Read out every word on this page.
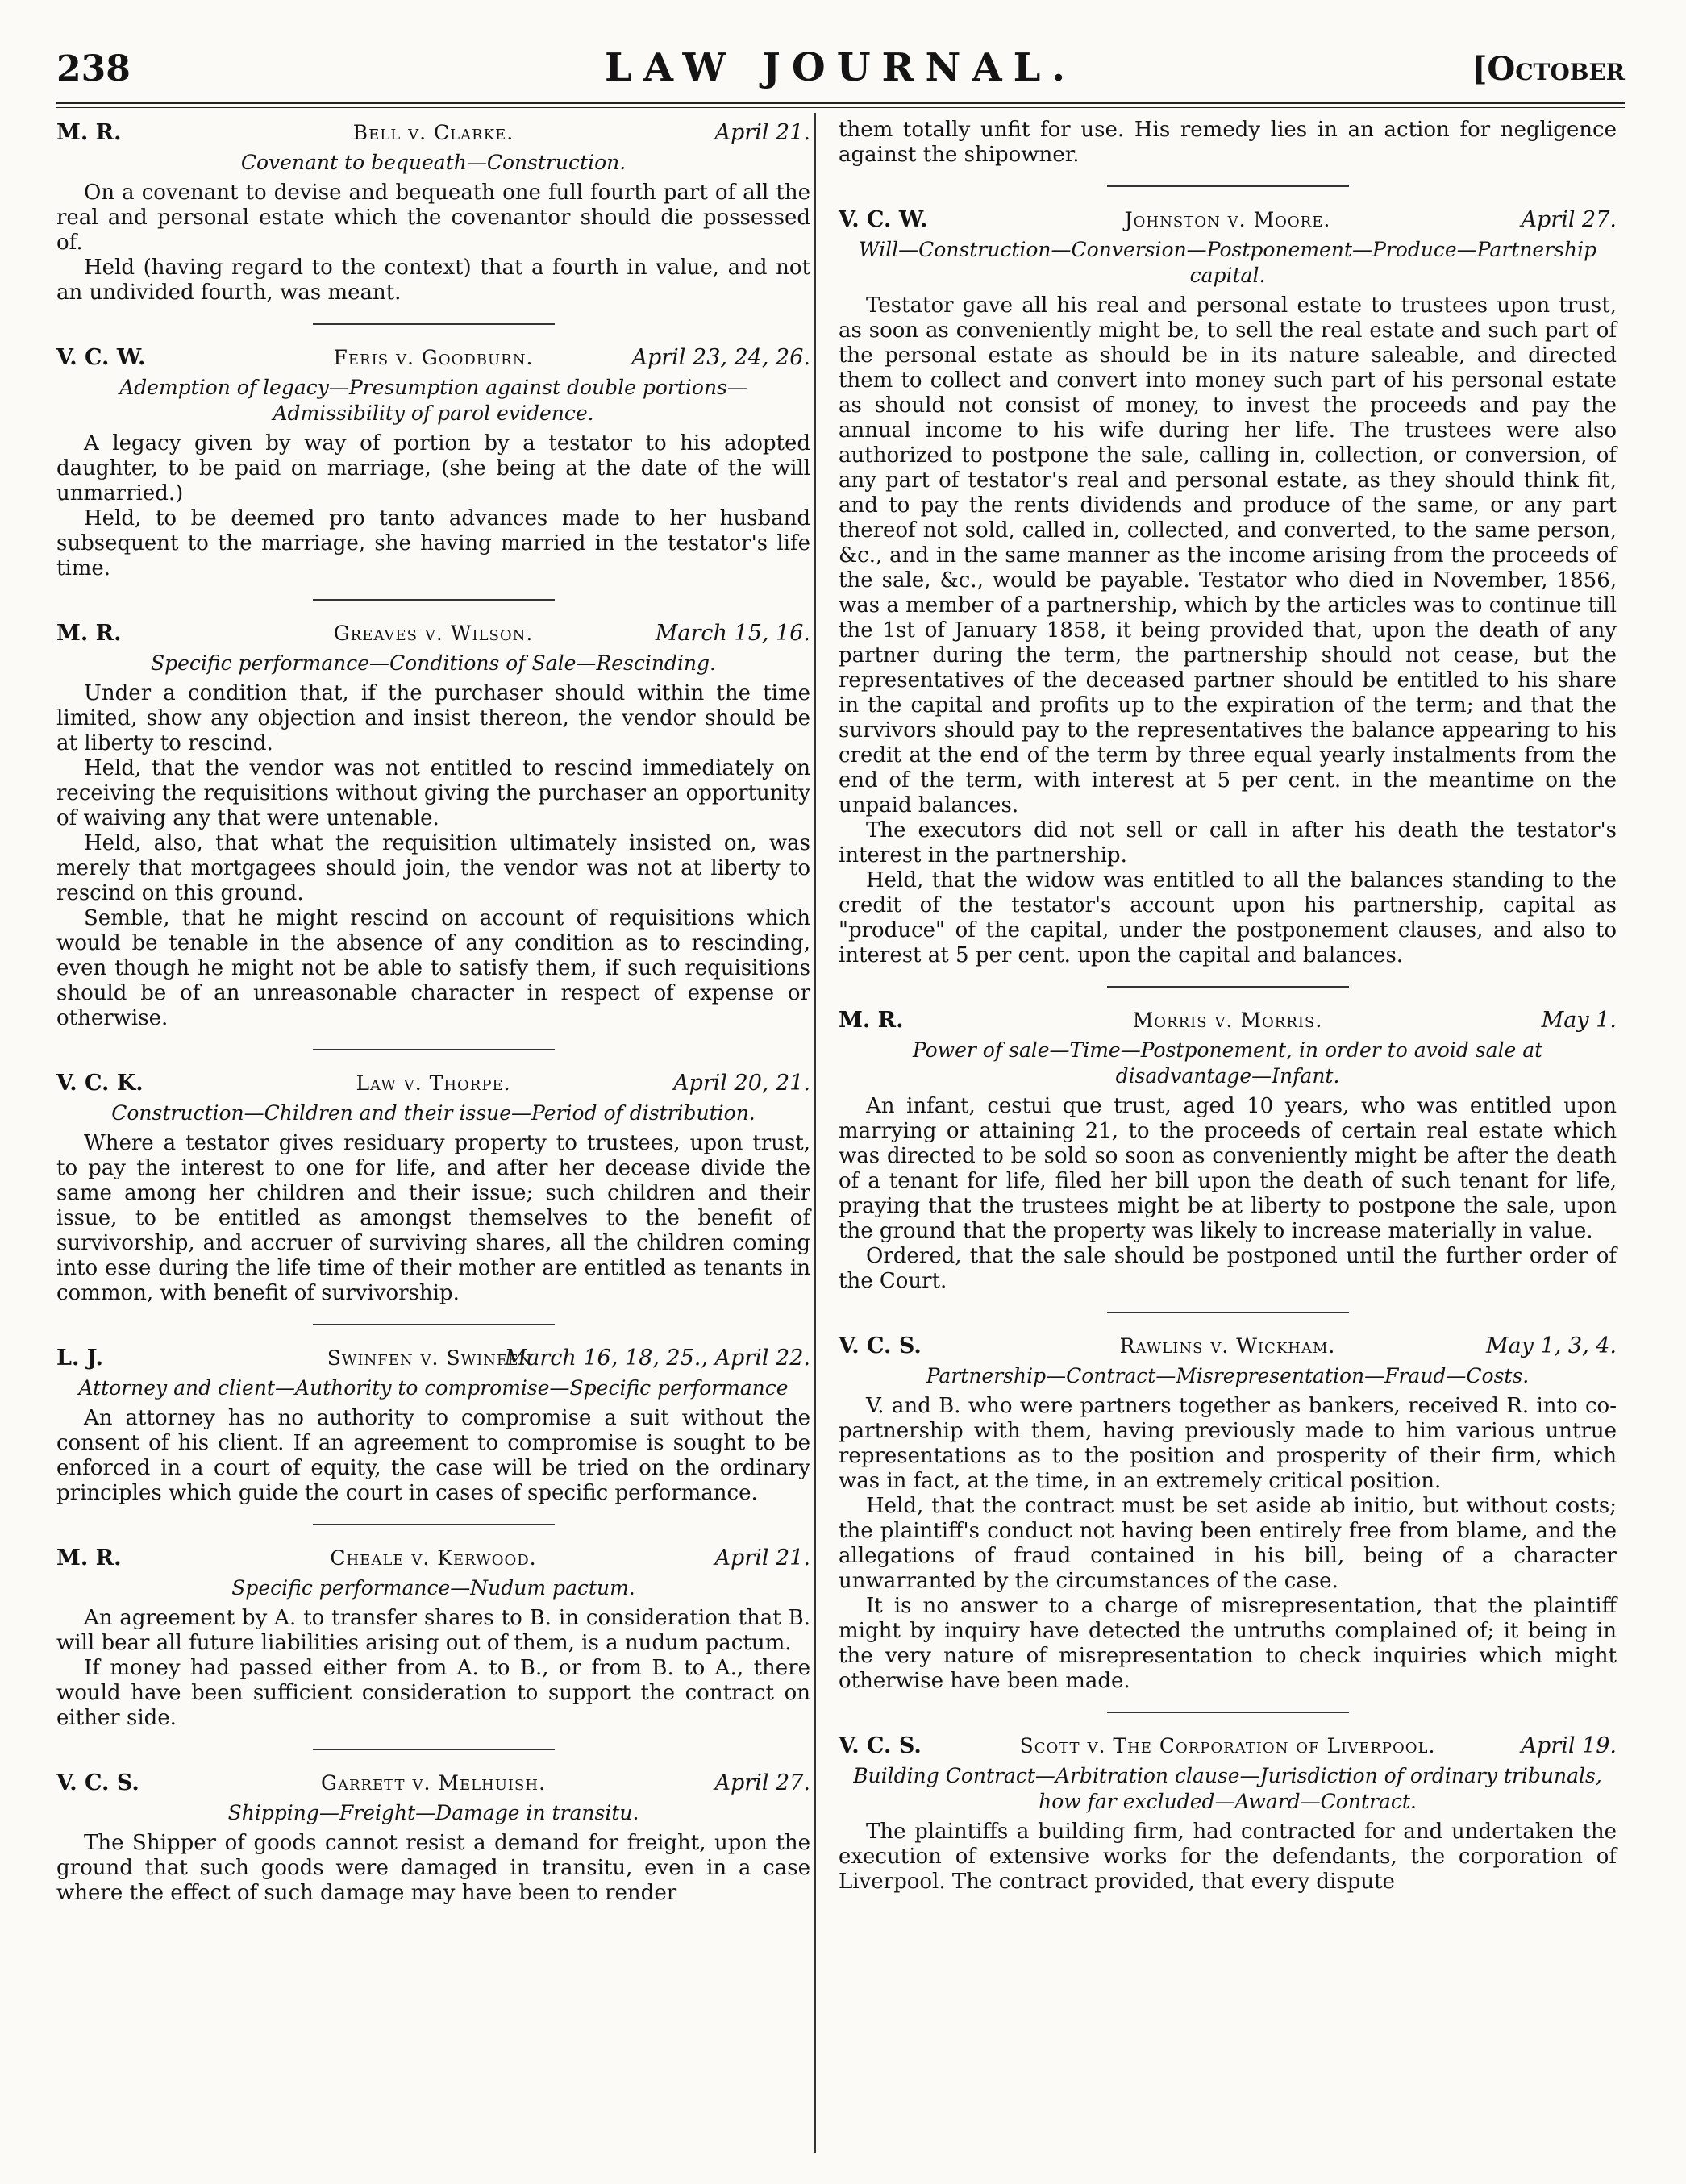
238	LAW JOURNAL.	[October
Bell v. Clarke.
M. R.	April 21.
Covenant to bequeath—Construction.

On a covenant to devise and bequeath one full fourth part of all the real and personal estate which the covenantor should die possessed of.

Held (having regard to the context) that a fourth in value, and not an undivided fourth, was meant.

Feris v. Goodburn.
V. C. W.	April 23, 24, 26.
Ademption of legacy—Presumption against double portions—Admissibility of parol evidence.

A legacy given by way of portion by a testator to his adopted daughter, to be paid on marriage, (she being at the date of the will unmarried.)

Held, to be deemed pro tanto advances made to her husband subsequent to the marriage, she having married in the testator's life time.

Greaves v. Wilson.
M. R.	March 15, 16.
Specific performance—Conditions of Sale—Rescinding.

Under a condition that, if the purchaser should within the time limited, show any objection and insist thereon, the vendor should be at liberty to rescind.

Held, that the vendor was not entitled to rescind immediately on receiving the requisitions without giving the purchaser an opportunity of waiving any that were untenable.

Held, also, that what the requisition ultimately insisted on, was merely that mortgagees should join, the vendor was not at liberty to rescind on this ground.

Semble, that he might rescind on account of requisitions which would be tenable in the absence of any condition as to rescinding, even though he might not be able to satisfy them, if such requisitions should be of an unreasonable character in respect of expense or otherwise.

Law v. Thorpe.
V. C. K.	April 20, 21.
Construction—Children and their issue—Period of distribution.

Where a testator gives residuary property to trustees, upon trust, to pay the interest to one for life, and after her decease divide the same among her children and their issue; such children and their issue, to be entitled as amongst themselves to the benefit of survivorship, and accruer of surviving shares, all the children coming into esse during the life time of their mother are entitled as tenants in common, with benefit of survivorship.

Swinfen v. Swinfen.
L. J.	March 16, 18, 25., April 22.
Attorney and client—Authority to compromise—Specific performance

An attorney has no authority to compromise a suit without the consent of his client. If an agreement to compromise is sought to be enforced in a court of equity, the case will be tried on the ordinary principles which guide the court in cases of specific performance.

Cheale v. Kerwood.
M. R.	April 21.
Specific performance—Nudum pactum.

An agreement by A. to transfer shares to B. in consideration that B. will bear all future liabilities arising out of them, is a nudum pactum.

If money had passed either from A. to B., or from B. to A., there would have been sufficient consideration to support the contract on either side.

Garrett v. Melhuish.
V. C. S.	April 27.
Shipping—Freight—Damage in transitu.

The Shipper of goods cannot resist a demand for freight, upon the ground that such goods were damaged in transitu, even in a case where the effect of such damage may have been to render

them totally unfit for use. His remedy lies in an action for negligence against the shipowner.

Johnston v. Moore.
V. C. W.	April 27.
Will—Construction—Conversion—Postponement—Produce—Partnership capital.

Testator gave all his real and personal estate to trustees upon trust, as soon as conveniently might be, to sell the real estate and such part of the personal estate as should be in its nature saleable, and directed them to collect and convert into money such part of his personal estate as should not consist of money, to invest the proceeds and pay the annual income to his wife during her life. The trustees were also authorized to postpone the sale, calling in, collection, or conversion, of any part of testator's real and personal estate, as they should think fit, and to pay the rents dividends and produce of the same, or any part thereof not sold, called in, collected, and converted, to the same person, &c., and in the same manner as the income arising from the proceeds of the sale, &c., would be payable. Testator who died in November, 1856, was a member of a partnership, which by the articles was to continue till the 1st of January 1858, it being provided that, upon the death of any partner during the term, the partnership should not cease, but the representatives of the deceased partner should be entitled to his share in the capital and profits up to the expiration of the term; and that the survivors should pay to the representatives the balance appearing to his credit at the end of the term by three equal yearly instalments from the end of the term, with interest at 5 per cent. in the meantime on the unpaid balances.

The executors did not sell or call in after his death the testator's interest in the partnership.

Held, that the widow was entitled to all the balances standing to the credit of the testator's account upon his partnership, capital as "produce" of the capital, under the postponement clauses, and also to interest at 5 per cent. upon the capital and balances.

Morris v. Morris.
M. R.	May 1.
Power of sale—Time—Postponement, in order to avoid sale at disadvantage—Infant.

An infant, cestui que trust, aged 10 years, who was entitled upon marrying or attaining 21, to the proceeds of certain real estate which was directed to be sold so soon as conveniently might be after the death of a tenant for life, filed her bill upon the death of such tenant for life, praying that the trustees might be at liberty to postpone the sale, upon the ground that the property was likely to increase materially in value.

Ordered, that the sale should be postponed until the further order of the Court.

Rawlins v. Wickham.
V. C. S.	May 1, 3, 4.
Partnership—Contract—Misrepresentation—Fraud—Costs.

V. and B. who were partners together as bankers, received R. into co-partnership with them, having previously made to him various untrue representations as to the position and prosperity of their firm, which was in fact, at the time, in an extremely critical position.

Held, that the contract must be set aside ab initio, but without costs; the plaintiff's conduct not having been entirely free from blame, and the allegations of fraud contained in his bill, being of a character unwarranted by the circumstances of the case.

It is no answer to a charge of misrepresentation, that the plaintiff might by inquiry have detected the untruths complained of; it being in the very nature of misrepresentation to check inquiries which might otherwise have been made.

Scott v. The Corporation of Liverpool.
V. C. S.	April 19.
Building Contract—Arbitration clause—Jurisdiction of ordinary tribunals, how far excluded—Award—Contract.

The plaintiffs a building firm, had contracted for and undertaken the execution of extensive works for the defendants, the corporation of Liverpool. The contract provided, that every dispute
